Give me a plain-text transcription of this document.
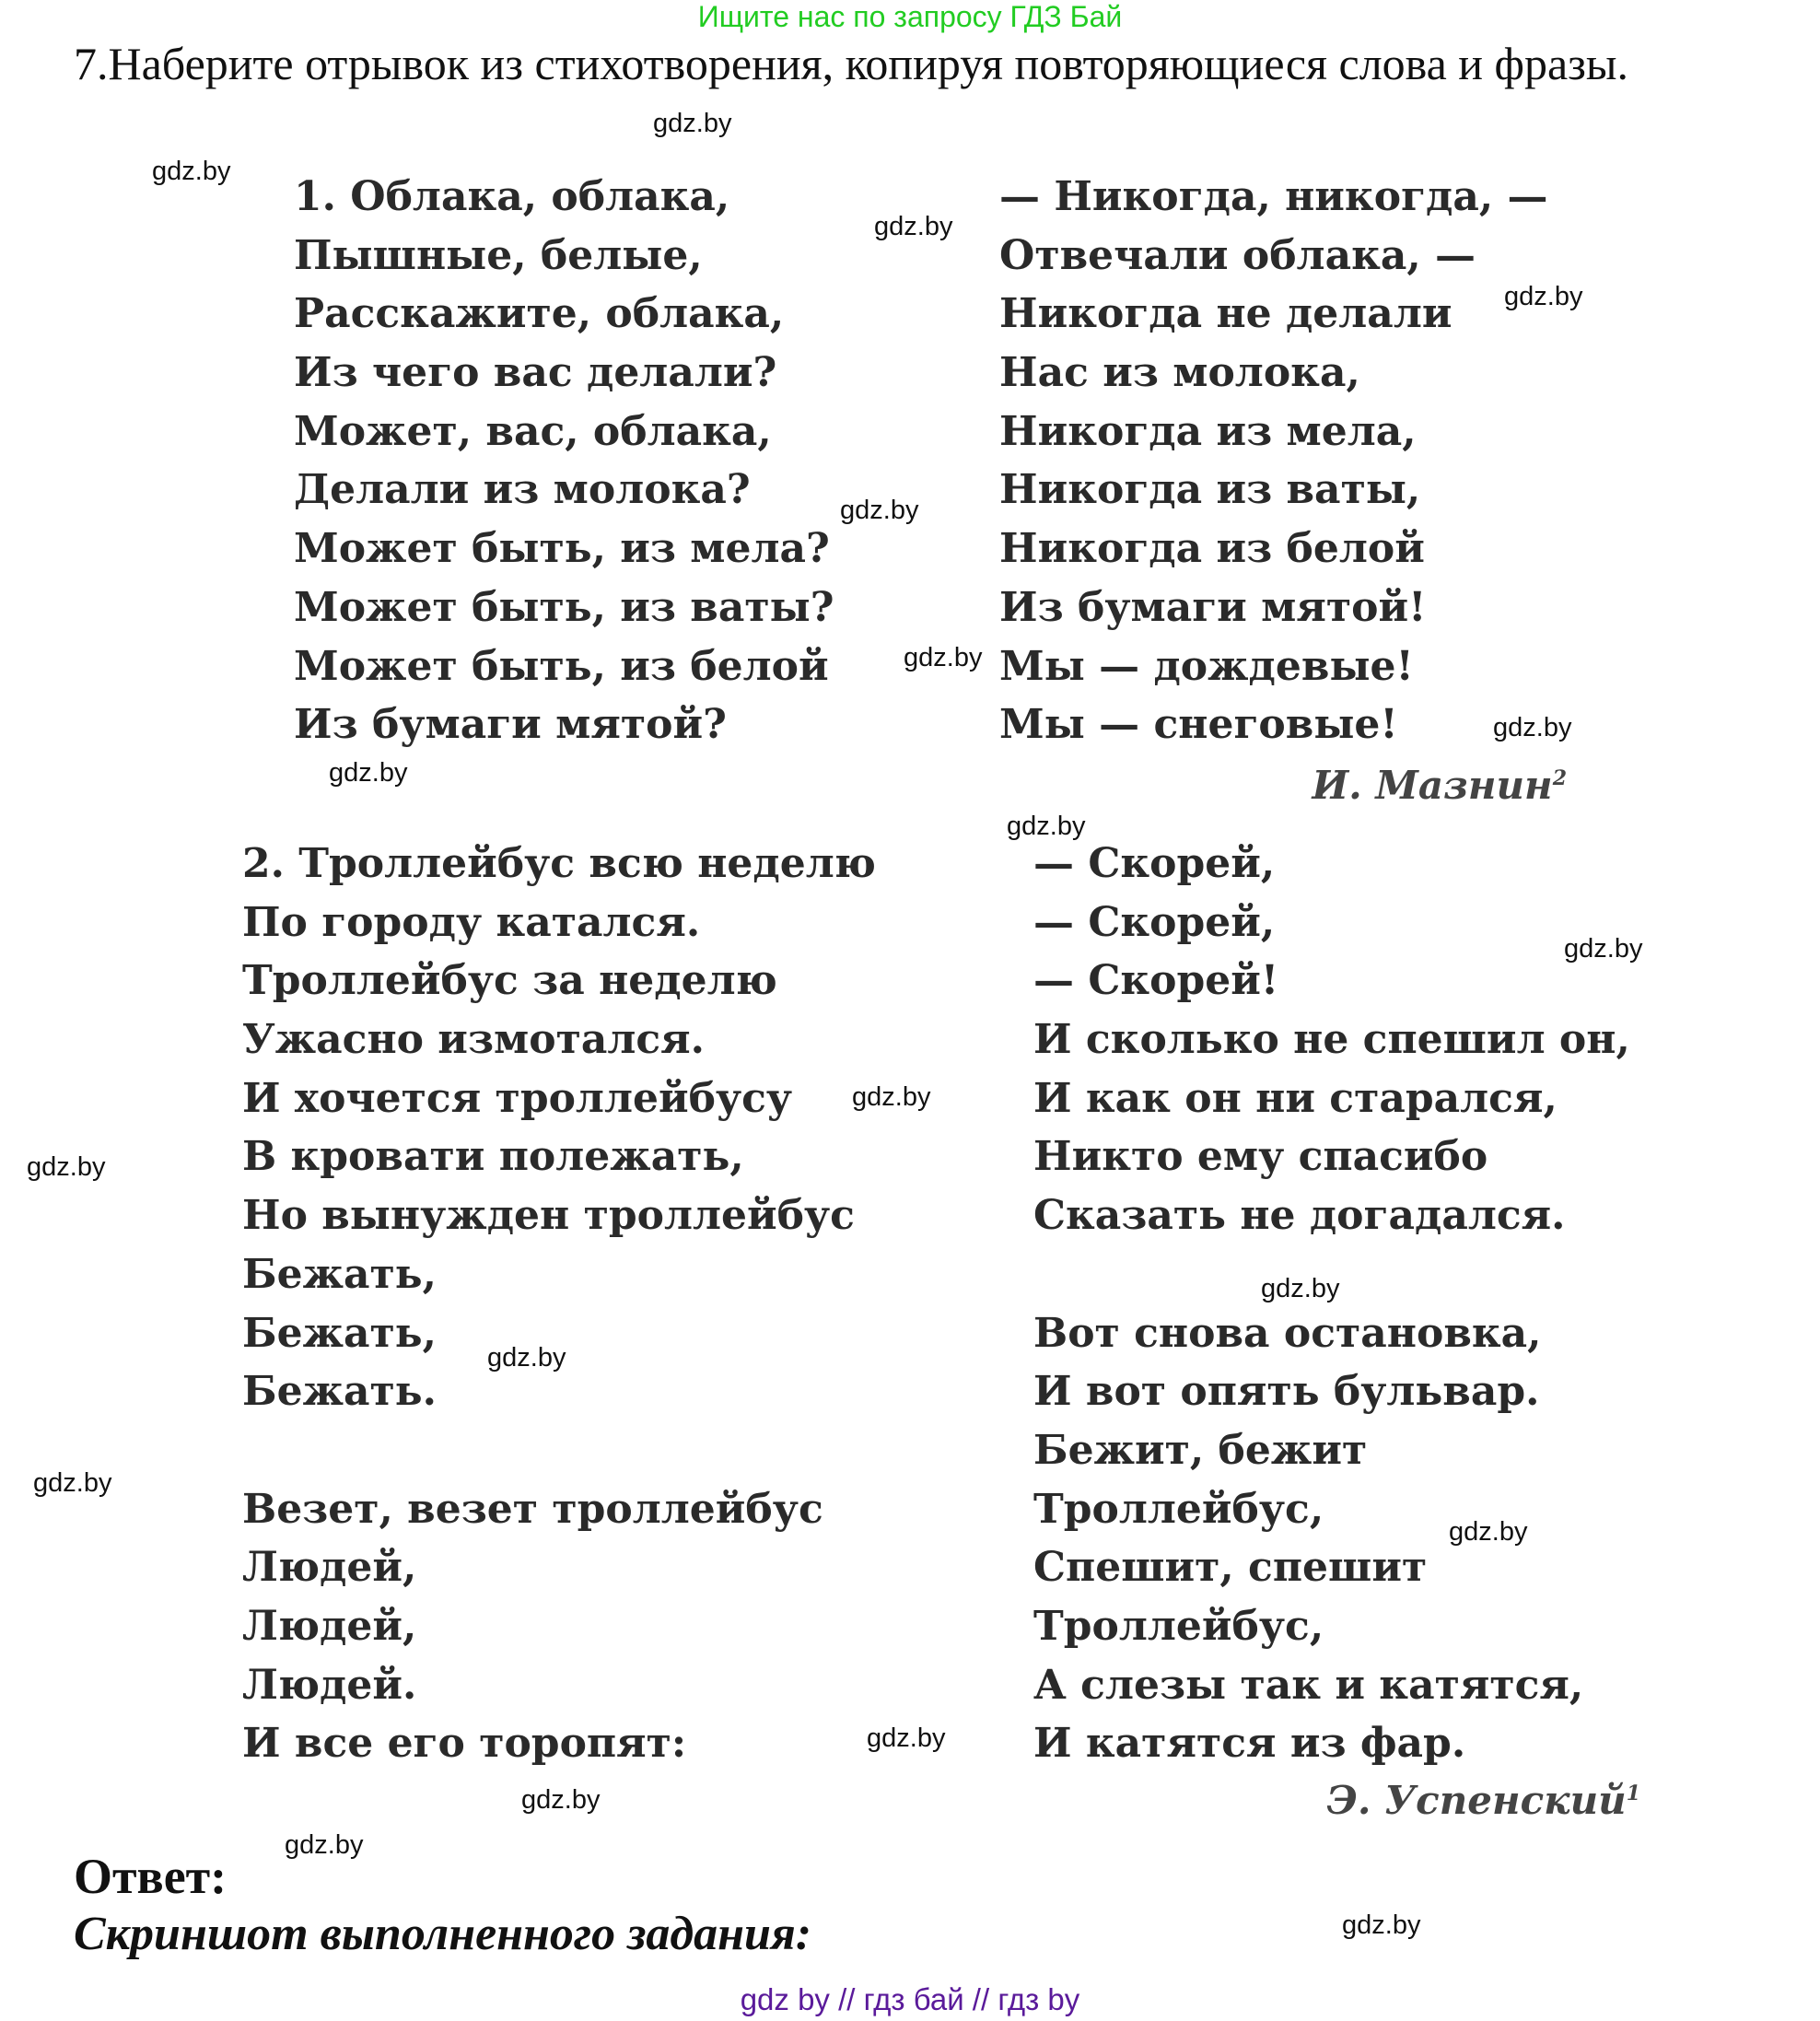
Ищите нас по запросу ГДЗ Бай

7.Наберите отрывок из стихотворения, копируя повторяющиеся слова и фразы.

1. Облака, облака,
Пышные, белые,
Расскажите, облака,
Из чего вас делали?
Может, вас, облака,
Делали из молока?
Может быть, из мела?
Может быть, из ваты?
Может быть, из белой
Из бумаги мятой?
— Никогда, никогда, —
Отвечали облака, —
Никогда не делали
Нас из молока,
Никогда из мела,
Никогда из ваты,
Никогда из белой
Из бумаги мятой!
Мы — дождевые!
Мы — снеговые!
И. Мазнин$^2$
2. Троллейбус всю неделю
По городу катался.
Троллейбус за неделю
Ужасно измотался.
И хочется троллейбусу
В кровати полежать,
Но вынужден троллейбус
Бежать,
Бежать,
Бежать.
Везет, везет троллейбус
Людей,
Людей,
Людей.
И все его торопят:
— Скорей,
— Скорей,
— Скорей!
И сколько не спешил он,
И как он ни старался,
Никто ему спасибо
Сказать не догадался.
Вот снова остановка,
И вот опять бульвар.
Бежит, бежит
Троллейбус,
Спешит, спешит
Троллейбус,
А слезы так и катятся,
И катятся из фар.
Э. Успенский$^1$
Ответ:
Скриншот выполненного задания:
gdz by // гдз бай // гдз by
gdz.by
gdz.by
gdz.by
gdz.by
gdz.by
gdz.by
gdz.by
gdz.by
gdz.by
gdz.by
gdz.by
gdz.by
gdz.by
gdz.by
gdz.by
gdz.by
gdz.by
gdz.by
gdz.by
gdz.by
